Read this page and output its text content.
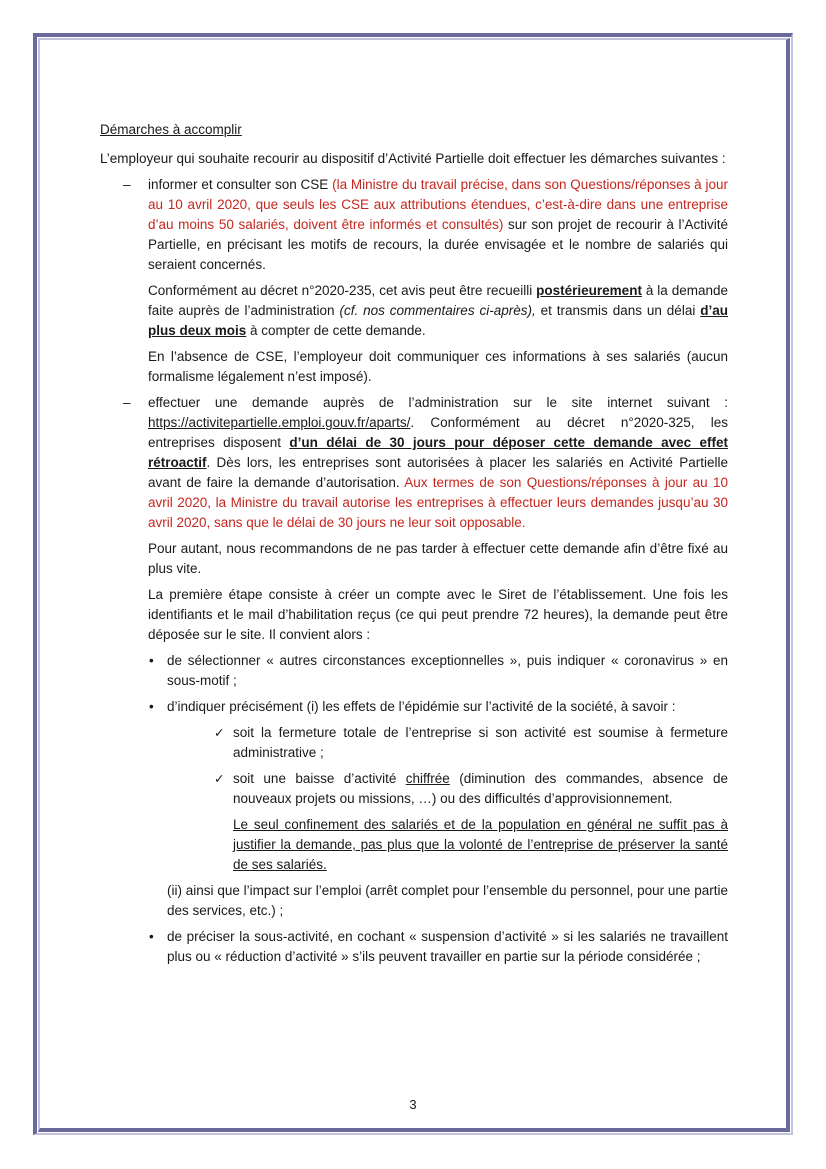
Démarches à accomplir
L’employeur qui souhaite recourir au dispositif d’Activité Partielle doit effectuer les démarches suivantes :
– informer et consulter son CSE (la Ministre du travail précise, dans son Questions/réponses à jour au 10 avril 2020, que seuls les CSE aux attributions étendues, c’est-à-dire dans une entreprise d’au moins 50 salariés, doivent être informés et consultés) sur son projet de recourir à l’Activité Partielle, en précisant les motifs de recours, la durée envisagée et le nombre de salariés qui seraient concernés.
Conformément au décret n°2020-235, cet avis peut être recueilli postérieurement à la demande faite auprès de l’administration (cf. nos commentaires ci-après), et transmis dans un délai d’au plus deux mois à compter de cette demande.
En l’absence de CSE, l’employeur doit communiquer ces informations à ses salariés (aucun formalisme légalement n’est imposé).
– effectuer une demande auprès de l’administration sur le site internet suivant : https://activitepartielle.emploi.gouv.fr/aparts/. Conformément au décret n°2020-325, les entreprises disposent d’un délai de 30 jours pour déposer cette demande avec effet rétroactif. Dès lors, les entreprises sont autorisées à placer les salariés en Activité Partielle avant de faire la demande d’autorisation. Aux termes de son Questions/réponses à jour au 10 avril 2020, la Ministre du travail autorise les entreprises à effectuer leurs demandes jusqu’au 30 avril 2020, sans que le délai de 30 jours ne leur soit opposable.
Pour autant, nous recommandons de ne pas tarder à effectuer cette demande afin d’être fixé au plus vite.
La première étape consiste à créer un compte avec le Siret de l’établissement. Une fois les identifiants et le mail d’habilitation reçus (ce qui peut prendre 72 heures), la demande peut être déposée sur le site. Il convient alors :
• de sélectionner « autres circonstances exceptionnelles », puis indiquer « coronavirus » en sous-motif ;
• d’indiquer précisément (i) les effets de l’épidémie sur l’activité de la société, à savoir :
✓ soit la fermeture totale de l’entreprise si son activité est soumise à fermeture administrative ;
✓ soit une baisse d’activité chiffrée (diminution des commandes, absence de nouveaux projets ou missions, …) ou des difficultés d’approvisionnement.
Le seul confinement des salariés et de la population en général ne suffit pas à justifier la demande, pas plus que la volonté de l’entreprise de préserver la santé de ses salariés.
(ii) ainsi que l’impact sur l’emploi (arrêt complet pour l’ensemble du personnel, pour une partie des services, etc.) ;
• de préciser la sous-activité, en cochant « suspension d’activité » si les salariés ne travaillent plus ou « réduction d’activité » s’ils peuvent travailler en partie sur la période considérée ;
3
